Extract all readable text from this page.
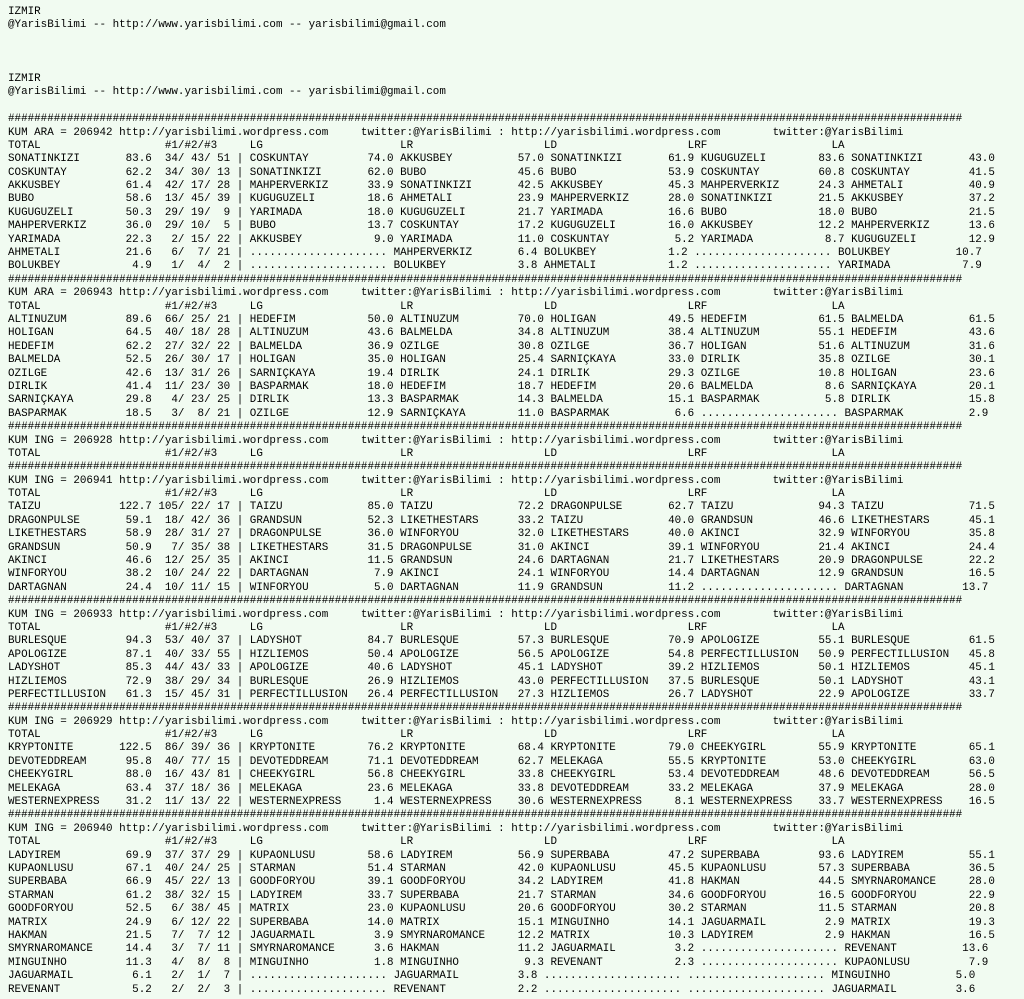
IZMIR
@YarisBilimi -- http://www.yarisbilimi.com -- yarisbilimi@gmail.com
IZMIR
@YarisBilimi -- http://www.yarisbilimi.com -- yarisbilimi@gmail.com
##################################################################################################################################################
KUM ARA = 206942 http://yarisbilimi.wordpress.com     twitter:@YarisBilimi : http://yarisbilimi.wordpress.com        twitter:@YarisBilimi
TOTAL                   #1/#2/#3     LG                     LR                    LD                    LRF                   LA
SONATINKIZI       83.6  34/ 43/ 51 | COSKUNTAY         74.0 AKKUSBEY          57.0 SONATINKIZI       61.9 KUGUGÜZELI        83.6 SONATINKIZI       43.0
COSKUNTAY         62.2  34/ 30/ 13 | SONATINKIZI       62.0 BUBO              45.6 BUBO              53.9 COSKUNTAY         60.8 COSKUNTAY         41.5
AKKUSBEY          61.4  42/ 17/ 28 | MAHPERVERKIZ      33.9 SONATINKIZI       42.5 AKKUSBEY          45.3 MAHPERVERKIZ      24.3 AHMETALI          40.9
BUBO              58.6  13/ 45/ 39 | KUGUGÜZELI        18.6 AHMETALI          23.9 MAHPERVERKIZ      28.0 SONATINKIZI       21.5 AKKUSBEY          37.2
KUGUGÜZELI        50.3  29/ 19/  9 | YARIMADA          18.0 KUGUGÜZELI        21.7 YARIMADA          16.6 BUBO              18.0 BUBO              21.5
MAHPERVERKIZ      36.0  29/ 10/  5 | BUBO              13.7 COSKUNTAY         17.2 KUGUGÜZELI        16.0 AKKUSBEY          12.2 MAHPERVERKIZ      13.6
YARIMADA          22.3   2/ 15/ 22 | AKKUSBEY           9.0 YARIMADA          11.0 COSKUNTAY          5.2 YARIMADA           8.7 KUGUGÜZELI        12.9
AHMETALI          21.6   6/  7/ 21 | ..................... MAHPERVERKIZ       6.4 BÖLÜKBEY           1.2 ..................... BÖLÜKBEY          10.7
BÖLÜKBEY           4.9   1/  4/  2 | ..................... BÖLÜKBEY           3.8 AHMETALI           1.2 ..................... YARIMADA           7.9
##################################################################################################################################################
KUM ARA = 206943 http://yarisbilimi.wordpress.com     twitter:@YarisBilimi : http://yarisbilimi.wordpress.com        twitter:@YarisBilimi
TOTAL                   #1/#2/#3     LG                     LR                    LD                    LRF                   LA
ALTINÜZÜM         89.6  66/ 25/ 21 | HEDEFIM           50.0 ALTINÜZÜM         70.0 HOLIGAN           49.5 HEDEFIM           61.5 BALMELDA          61.5
HOLIGAN           64.5  40/ 18/ 28 | ALTINÜZÜM         43.6 BALMELDA          34.8 ALTINÜZÜM         38.4 ALTINÜZÜM         55.1 HEDEFIM           43.6
HEDEFIM           62.2  27/ 32/ 22 | BALMELDA          36.9 ÖZILGE            30.8 ÖZILGE            36.7 HOLIGAN           51.6 ALTINÜZÜM         31.6
BALMELDA          52.5  26/ 30/ 17 | HOLIGAN           35.0 HOLIGAN           25.4 SARNIÇKAYA        33.0 DIRLIK            35.8 ÖZILGE            30.1
ÖZILGE            42.6  13/ 31/ 26 | SARNIÇKAYA        19.4 DIRLIK            24.1 DIRLIK            29.3 ÖZILGE            10.8 HOLIGAN           23.6
DIRLIK            41.4  11/ 23/ 30 | BASPARMAK         18.0 HEDEFIM           18.7 HEDEFIM           20.6 BALMELDA           8.6 SARNIÇKAYA        20.1
SARNIÇKAYA        29.8   4/ 23/ 25 | DIRLIK            13.3 BASPARMAK         14.3 BALMELDA          15.1 BASPARMAK          5.8 DIRLIK            15.8
BASPARMAK         18.5   3/  8/ 21 | ÖZILGE            12.9 SARNIÇKAYA        11.0 BASPARMAK          6.6 ..................... BASPARMAK          2.9
##################################################################################################################################################
KUM ING = 206928 http://yarisbilimi.wordpress.com     twitter:@YarisBilimi : http://yarisbilimi.wordpress.com        twitter:@YarisBilimi
TOTAL                   #1/#2/#3     LG                     LR                    LD                    LRF                   LA
##################################################################################################################################################
KUM ING = 206941 http://yarisbilimi.wordpress.com     twitter:@YarisBilimi : http://yarisbilimi.wordpress.com        twitter:@YarisBilimi
TOTAL                   #1/#2/#3     LG                     LR                    LD                    LRF                   LA
TAIZU            122.7 105/ 22/ 17 | TAIZU             85.0 TAIZU             72.2 DRAGONPULSE       62.7 TAIZU             94.3 TAIZU             71.5
DRAGONPULSE       59.1  18/ 42/ 36 | GRANDSUN          52.3 LIKETHESTARS      33.2 TAIZU             40.0 GRANDSUN          46.6 LIKETHESTARS      45.1
LIKETHESTARS      58.9  28/ 31/ 27 | DRAGONPULSE       36.0 WINFORYOU         32.0 LIKETHESTARS      40.0 AKINCI            32.9 WINFORYOU         35.8
GRANDSUN          50.9   7/ 35/ 38 | LIKETHESTARS      31.5 DRAGONPULSE       31.0 AKINCI            39.1 WINFORYOU         21.4 AKINCI            24.4
AKINCI            46.6  12/ 25/ 35 | AKINCI            11.5 GRANDSUN          24.6 DARTAGNAN         21.7 LIKETHESTARS      20.9 DRAGONPULSE       22.2
WINFORYOU         38.2  10/ 24/ 22 | DARTAGNAN          7.9 AKINCI            24.1 WINFORYOU         14.4 DARTAGNAN         12.9 GRANDSUN          16.5
DARTAGNAN         24.4  10/ 11/ 15 | WINFORYOU          5.0 DARTAGNAN         11.9 GRANDSUN          11.2 ..................... DARTAGNAN         13.7
##################################################################################################################################################
KUM ING = 206933 http://yarisbilimi.wordpress.com     twitter:@YarisBilimi : http://yarisbilimi.wordpress.com        twitter:@YarisBilimi
TOTAL                   #1/#2/#3     LG                     LR                    LD                    LRF                   LA
BURLESQUE         94.3  53/ 40/ 37 | LADYSHOT          84.7 BURLESQUE         57.3 BURLESQUE         70.9 APOLOGIZE         55.1 BURLESQUE         61.5
APOLOGIZE         87.1  40/ 33/ 55 | HIZLIEMOS         50.4 APOLOGIZE         56.5 APOLOGIZE         54.8 PERFECTILLUSION   50.9 PERFECTILLUSION   45.8
LADYSHOT          85.3  44/ 43/ 33 | APOLOGIZE         40.6 LADYSHOT          45.1 LADYSHOT          39.2 HIZLIEMOS         50.1 HIZLIEMOS         45.1
HIZLIEMOS         72.9  38/ 29/ 34 | BURLESQUE         26.9 HIZLIEMOS         43.0 PERFECTILLUSION   37.5 BURLESQUE         50.1 LADYSHOT          43.1
PERFECTILLUSION   61.3  15/ 45/ 31 | PERFECTILLUSION   26.4 PERFECTILLUSION   27.3 HIZLIEMOS         26.7 LADYSHOT          22.9 APOLOGIZE         33.7
##################################################################################################################################################
KUM ING = 206929 http://yarisbilimi.wordpress.com     twitter:@YarisBilimi : http://yarisbilimi.wordpress.com        twitter:@YarisBilimi
TOTAL                   #1/#2/#3     LG                     LR                    LD                    LRF                   LA
KRYPTONITE       122.5  86/ 39/ 36 | KRYPTONITE        76.2 KRYPTONITE        68.4 KRYPTONITE        79.0 CHEEKYGIRL        55.9 KRYPTONITE        65.1
DEVOTEDDREAM      95.8  40/ 77/ 15 | DEVOTEDDREAM      71.1 DEVOTEDDREAM      62.7 MELEKAGA          55.5 KRYPTONITE        53.0 CHEEKYGIRL        63.0
CHEEKYGIRL        88.0  16/ 43/ 81 | CHEEKYGIRL        56.8 CHEEKYGIRL        33.8 CHEEKYGIRL        53.4 DEVOTEDDREAM      48.6 DEVOTEDDREAM      56.5
MELEKAGA          63.4  37/ 18/ 36 | MELEKAGA          23.6 MELEKAGA          33.8 DEVOTEDDREAM      33.2 MELEKAGA          37.9 MELEKAGA          28.0
WESTERNEXPRESS    31.2  11/ 13/ 22 | WESTERNEXPRESS     1.4 WESTERNEXPRESS    30.6 WESTERNEXPRESS     8.1 WESTERNEXPRESS    33.7 WESTERNEXPRESS    16.5
##################################################################################################################################################
KUM ING = 206940 http://yarisbilimi.wordpress.com     twitter:@YarisBilimi : http://yarisbilimi.wordpress.com        twitter:@YarisBilimi
TOTAL                   #1/#2/#3     LG                     LR                    LD                    LRF                   LA
LADYIREM          69.9  37/ 37/ 29 | KUPAONLUSU        58.6 LADYIREM          56.9 SÜPERBABA         47.2 SÜPERBABA         93.6 LADYIREM          55.1
KUPAONLUSU        67.1  40/ 24/ 25 | STARMAN           51.4 STARMAN           42.0 KUPAONLUSU        45.5 KUPAONLUSU        57.3 SÜPERBABA         36.5
SÜPERBABA         66.9  45/ 22/ 13 | GOODFORYOU        39.1 GOODFORYOU        34.2 LADYIREM          41.8 HAKMAN            44.5 SMYRNAROMANCE     28.0
STARMAN           61.2  38/ 32/ 15 | LADYIREM          33.7 SÜPERBABA         21.7 STARMAN           34.6 GOODFORYOU        16.5 GOODFORYOU        22.9
GOODFORYOU        52.5   6/ 38/ 45 | MATRIX            23.0 KUPAONLUSU        20.6 GOODFORYOU        30.2 STARMAN           11.5 STARMAN           20.8
MATRIX            24.9   6/ 12/ 22 | SÜPERBABA         14.0 MATRIX            15.1 MINGUINHO         14.1 JAGUARMAIL         2.9 MATRIX            19.3
HAKMAN            21.5   7/  7/ 12 | JAGUARMAIL         3.9 SMYRNAROMANCE     12.2 MATRIX            10.3 LADYIREM           2.9 HAKMAN            16.5
SMYRNAROMANCE     14.4   3/  7/ 11 | SMYRNAROMANCE      3.6 HAKMAN            11.2 JAGUARMAIL         3.2 ..................... REVENANT          13.6
MINGUINHO         11.3   4/  8/  8 | MINGUINHO          1.8 MINGUINHO          9.3 REVENANT           2.3 ..................... KUPAONLUSU         7.9
JAGUARMAIL         6.1   2/  1/  7 | ..................... JAGUARMAIL         3.8 ..................... ..................... MINGUINHO          5.0
REVENANT           5.2   2/  2/  3 | ..................... REVENANT           2.2 ..................... ..................... JAGUARMAIL         3.6
